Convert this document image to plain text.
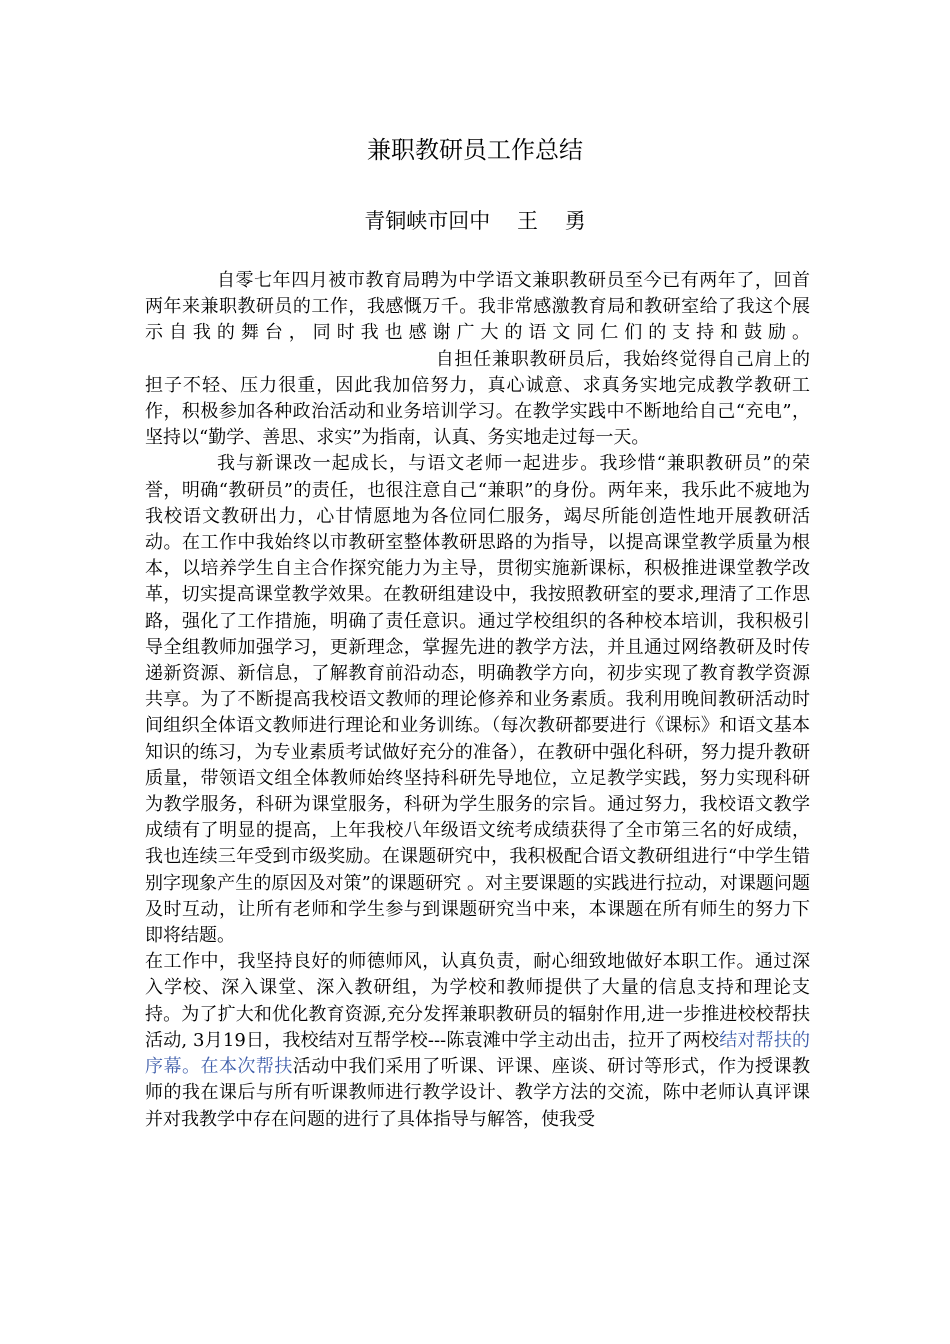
兼职教研员工作总结
青铜峡市回中    王    勇

自零七年四月被市教育局聘为中学语文兼职教研员至今已有两年了，回首两年来兼职教研员的工作，我感慨万千。我非常感激教育局和教研室给了我这个展示自我的舞台，同时我也感谢广大的语文同仁们的支持和鼓励。自担任兼职教研员后，我始终觉得自己肩上的担子不轻、压力很重，因此我加倍努力，真心诚意、求真务实地完成教学教研工作，积极参加各种政治活动和业务培训学习。在教学实践中不断地给自己“充电”，坚持以“勤学、善思、求实”为指南，认真、务实地走过每一天。

我与新课改一起成长，与语文老师一起进步。我珍惜“兼职教研员”的荣誉，明确“教研员”的责任，也很注意自己“兼职”的身份。两年来，我乐此不疲地为我校语文教研出力，心甘情愿地为各位同仁服务，竭尽所能创造性地开展教研活动。在工作中我始终以市教研室整体教研思路的为指导，以提高课堂教学质量为根本，以培养学生自主合作探究能力为主导，贯彻实施新课标，积极推进课堂教学改革，切实提高课堂教学效果。在教研组建设中，我按照教研室的要求,理清了工作思路，强化了工作措施，明确了责任意识。通过学校组织的各种校本培训，我积极引导全组教师加强学习，更新理念，掌握先进的教学方法，并且通过网络教研及时传递新资源、新信息，了解教育前沿动态，明确教学方向，初步实现了教育教学资源共享。为了不断提高我校语文教师的理论修养和业务素质。我利用晚间教研活动时间组织全体语文教师进行理论和业务训练。（每次教研都要进行《课标》和语文基本知识的练习，为专业素质考试做好充分的准备），在教研中强化科研，努力提升教研质量，带领语文组全体教师始终坚持科研先导地位，立足教学实践，努力实现科研为教学服务，科研为课堂服务，科研为学生服务的宗旨。通过努力，我校语文教学成绩有了明显的提高，上年我校八年级语文统考成绩获得了全市第三名的好成绩，我也连续三年受到市级奖励。在课题研究中，我积极配合语文教研组进行“中学生错别字现象产生的原因及对策”的课题研究 。对主要课题的实践进行拉动，对课题问题及时互动，让所有老师和学生参与到课题研究当中来，本课题在所有师生的努力下即将结题。

在工作中，我坚持良好的师德师风，认真负责，耐心细致地做好本职工作。通过深入学校、深入课堂、深入教研组，为学校和教师提供了大量的信息支持和理论支持。为了扩大和优化教育资源,充分发挥兼职教研员的辐射作用,进一步推进校校帮扶活动, 3月19日，我校结对互帮学校---陈袁滩中学主动出击，拉开了两校结对帮扶的序幕。在本次帮扶活动中我们采用了听课、评课、座谈、研讨等形式，作为授课教师的我在课后与所有听课教师进行教学设计、教学方法的交流，陈中老师认真评课并对我教学中存在问题的进行了具体指导与解答，使我受
